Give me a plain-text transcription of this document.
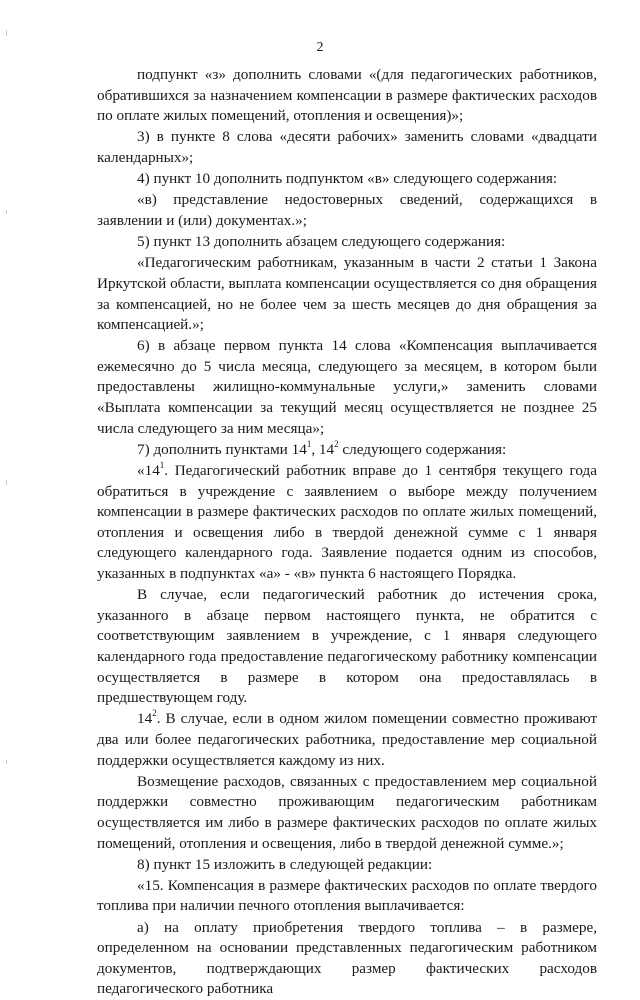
2

подпункт «з» дополнить словами «(для педагогических работников, обратившихся за назначением компенсации в размере фактических расходов по оплате жилых помещений, отопления и освещения)»;

3) в пункте 8 слова «десяти рабочих» заменить словами «двадцати календарных»;

4) пункт 10 дополнить подпунктом «в» следующего содержания:

«в) представление недостоверных сведений, содержащихся в заявлении и (или) документах.»;

5) пункт 13 дополнить абзацем следующего содержания:

«Педагогическим работникам, указанным в части 2 статьи 1 Закона Иркутской области, выплата компенсации осуществляется со дня обращения за компенсацией, но не более чем за шесть месяцев до дня обращения за компенсацией.»;

6) в абзаце первом пункта 14 слова «Компенсация выплачивается ежемесячно до 5 числа месяца, следующего за месяцем, в котором были предоставлены жилищно-коммунальные услуги,» заменить словами «Выплата компенсации за текущий месяц осуществляется не позднее 25 числа следующего за ним месяца»;

7) дополнить пунктами $14^1$, $14^2$ следующего содержания:

«$14^1$. Педагогический работник вправе до 1 сентября текущего года обратиться в учреждение с заявлением о выборе между получением компенсации в размере фактических расходов по оплате жилых помещений, отопления и освещения либо в твердой денежной сумме с 1 января следующего календарного года. Заявление подается одним из способов, указанных в подпунктах «а» - «в» пункта 6 настоящего Порядка.

В случае, если педагогический работник до истечения срока, указанного в абзаце первом настоящего пункта, не обратится с соответствующим заявлением в учреждение, с 1 января следующего календарного года предоставление педагогическому работнику компенсации осуществляется в размере в котором она предоставлялась в предшествующем году.

$14^2$. В случае, если в одном жилом помещении совместно проживают два или более педагогических работника, предоставление мер социальной поддержки осуществляется каждому из них.

Возмещение расходов, связанных с предоставлением мер социальной поддержки совместно проживающим педагогическим работникам осуществляется им либо в размере фактических расходов по оплате жилых помещений, отопления и освещения, либо в твердой денежной сумме.»;

8) пункт 15 изложить в следующей редакции:

«15. Компенсация в размере фактических расходов по оплате твердого топлива при наличии печного отопления выплачивается:

а) на оплату приобретения твердого топлива – в размере, определенном на основании представленных педагогическим работником документов, подтверждающих размер фактических расходов педагогического работника
